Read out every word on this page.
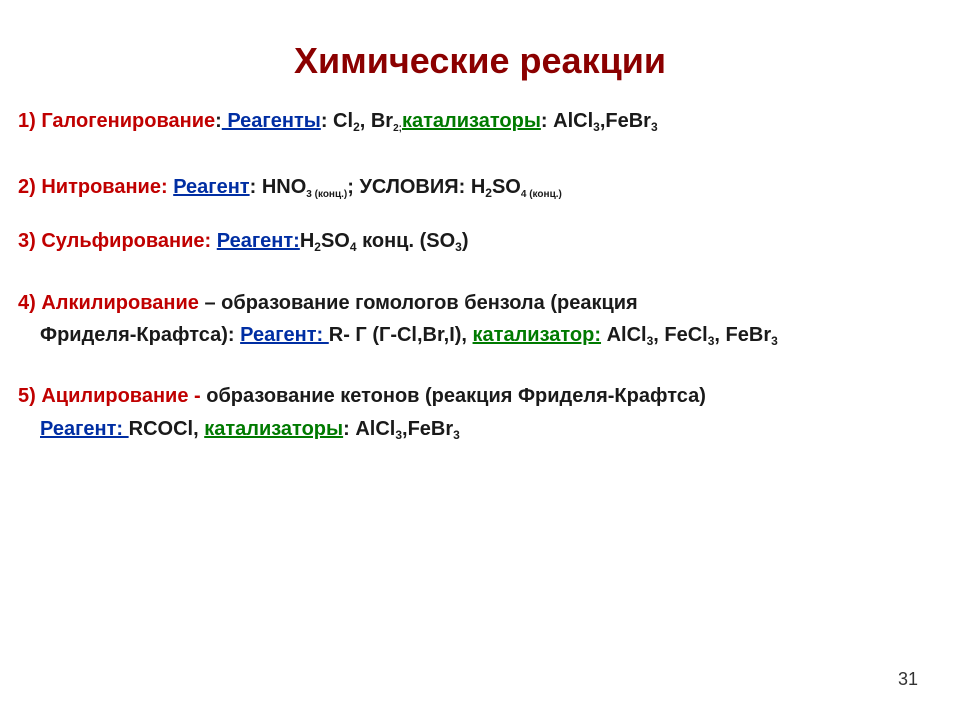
Химические реакции
1) Галогенирование: Реагенты: $Cl_2$, $Br_{2;}катализаторы$: AlCl$_3$,FeBr$_3$
2) Нитрование: Реагент: $HNO_{3 (конц.)}$; УСЛОВИЯ: $H_2SO_{4 (конц.)}$
3) Сульфирование: $Реагент:H_2SO_4$ конц. $(SO_3)$
4) Алкилирование – образование гомологов бензола (реакция
Фриделя-Крафтса): Реагент: R- Г (Г-Cl,Br,I), катализатор: AlCl$_3$, FeCl$_3$, FeBr$_3$
5) Ацилирование - образование кетонов (реакция Фриделя-Крафтса)
Реагент: RCOCl, катализаторы: AlCl$_3$,FeBr$_3$
31
